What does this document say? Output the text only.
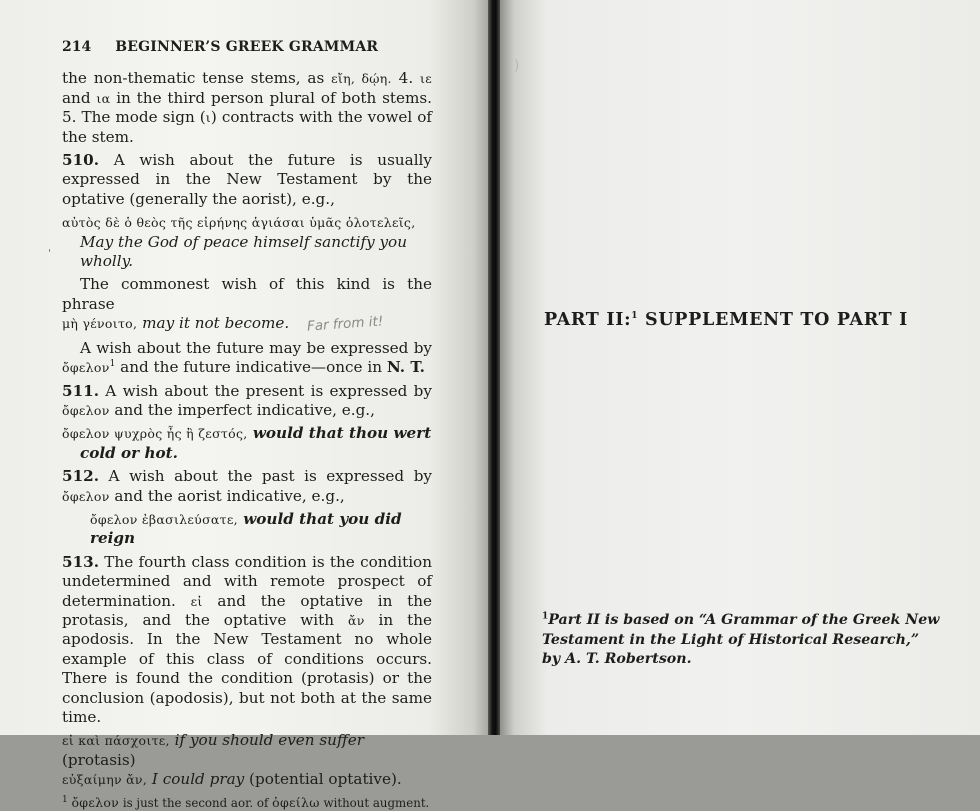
214 BEGINNER’S GREEK GRAMMAR

the non-thematic tense stems, as εἴη, δῴη. 4. ιε and ια in the third person plural of both stems. 5. The mode sign (ι) contracts with the vowel of the stem.

510. A wish about the future is usually expressed in the New Testament by the optative (generally the aorist), e.g.,

αὐτὸς δὲ ὁ θεὸς τῆς εἰρήνης ἁγιάσαι ὑμᾶς ὁλοτελεῖς, May the God of peace himself sanctify you wholly.

The commonest wish of this kind is the phrase

μὴ γένοιτο, may it not become. Far from it!

A wish about the future may be expressed by ὄφελον$^1$ and the future indicative—once in N. T.

511. A wish about the present is expressed by ὄφελον and the imperfect indicative, e.g.,

ὄφελον ψυχρὸς ἦς ἢ ζεστός, would that thou wert cold or hot.

512. A wish about the past is expressed by ὄφελον and the aorist indicative, e.g.,

ὄφελον ἐβασιλεύσατε, would that you did reign

513. The fourth class condition is the condition undetermined and with remote prospect of determination. εἰ and the optative in the protasis, and the optative with ἄν in the apodosis. In the New Testament no whole example of this class of conditions occurs. There is found the condition (protasis) or the conclusion (apodosis), but not both at the same time.

εἰ καὶ πάσχοιτε, if you should even suffer (protasis)
εὐξαίμην ἄν, I could pray (potential optative).
$^1$ ὄφελον is just the second aor. of ὀφείλω without augment.
'
)
PART II:$^1$ SUPPLEMENT TO PART I
$^1$Part II is based on “A Grammar of the Greek New Testament in the Light of Historical Research,” by A. T. Robertson.
